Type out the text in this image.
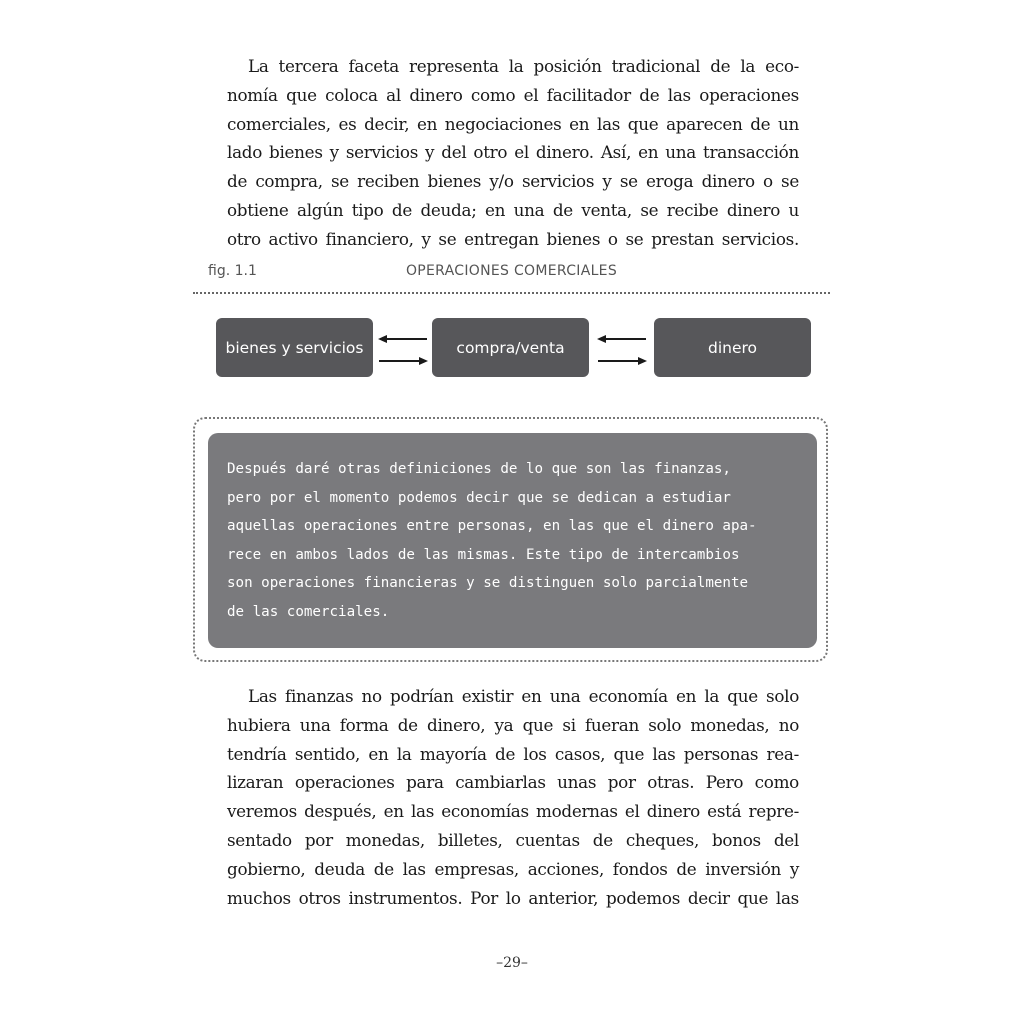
La tercera faceta representa la posición tradicional de la eco-
nomía que coloca al dinero como el facilitador de las operaciones
comerciales, es decir, en negociaciones en las que aparecen de un
lado bienes y servicios y del otro el dinero. Así, en una transacción
de compra, se reciben bienes y/o servicios y se eroga dinero o se
obtiene algún tipo de deuda; en una de venta, se recibe dinero u
otro activo financiero, y se entregan bienes o se prestan servicios.
OPERACIONES COMERCIALES
fig. 1.1
bienes y servicios	compra/venta	dinero
Después daré otras definiciones de lo que son las finanzas,
pero por el momento podemos decir que se dedican a estudiar
aquellas operaciones entre personas, en las que el dinero apa-
rece en ambos lados de las mismas. Este tipo de intercambios
son operaciones financieras y se distinguen solo parcialmente
de las comerciales.
Las finanzas no podrían existir en una economía en la que solo
hubiera una forma de dinero, ya que si fueran solo monedas, no
tendría sentido, en la mayoría de los casos, que las personas rea-
lizaran operaciones para cambiarlas unas por otras. Pero como
veremos después, en las economías modernas el dinero está repre-
sentado por monedas, billetes, cuentas de cheques, bonos del
gobierno, deuda de las empresas, acciones, fondos de inversión y
muchos otros instrumentos. Por lo anterior, podemos decir que las
–29–
